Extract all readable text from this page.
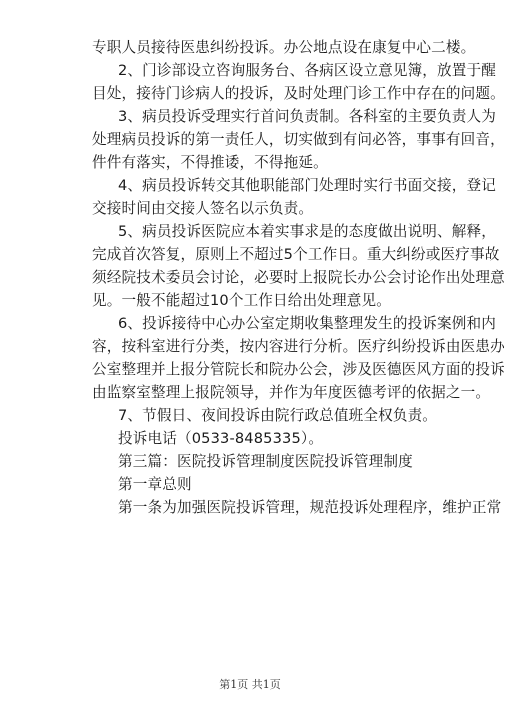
专职人员接待医患纠纷投诉。办公地点设在康复中心二楼。
2、门诊部设立咨询服务台、各病区设立意见簿，放置于醒
目处，接待门诊病人的投诉，及时处理门诊工作中存在的问题。
3、病员投诉受理实行首问负责制。各科室的主要负责人为
处理病员投诉的第一责任人，切实做到有问必答，事事有回音，
件件有落实，不得推诿，不得拖延。
4、病员投诉转交其他职能部门处理时实行书面交接，登记
交接时间由交接人签名以示负责。
5、病员投诉医院应本着实事求是的态度做出说明、解释，
完成首次答复，原则上不超过5个工作日。重大纠纷或医疗事故
须经院技术委员会讨论，必要时上报院长办公会讨论作出处理意
见。一般不能超过10个工作日给出处理意见。
6、投诉接待中心办公室定期收集整理发生的投诉案例和内
容，按科室进行分类，按内容进行分析。医疗纠纷投诉由医患办
公室整理并上报分管院长和院办公会，涉及医德医风方面的投诉
由监察室整理上报院领导，并作为年度医德考评的依据之一。
7、节假日、夜间投诉由院行政总值班全权负责。
投诉电话（0533-8485335）。
第三篇：医院投诉管理制度医院投诉管理制度
第一章总则
第一条为加强医院投诉管理，规范投诉处理程序，维护正常
第1页 共1页
